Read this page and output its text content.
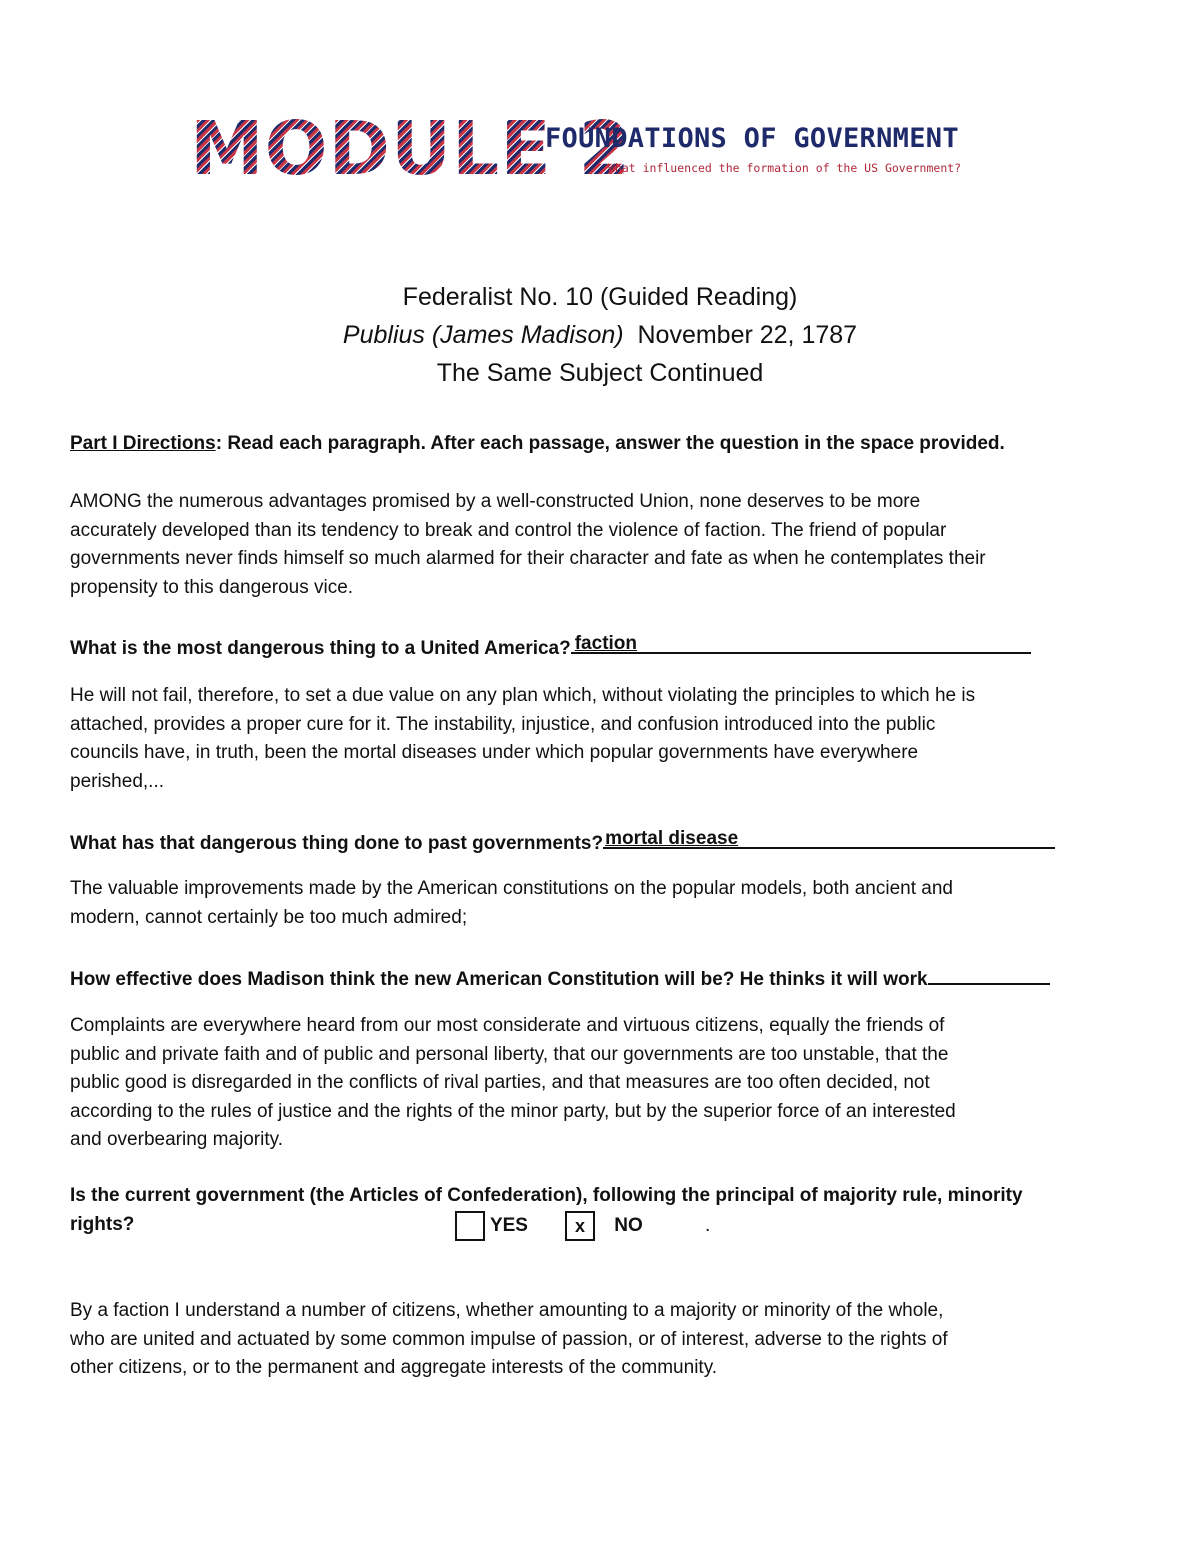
MODULE 2
FOUNDATIONS OF GOVERNMENT
What influenced the formation of the US Government?
Federalist No. 10 (Guided Reading)
Publius (James Madison) November 22, 1787
The Same Subject Continued
Part I Directions: Read each paragraph. After each passage, answer the question in the space provided.
AMONG the numerous advantages promised by a well-constructed Union, none deserves to be more
accurately developed than its tendency to break and control the violence of faction. The friend of popular
governments never finds himself so much alarmed for their character and fate as when he contemplates their
propensity to this dangerous vice.
What is the most dangerous thing to a United America? faction
He will not fail, therefore, to set a due value on any plan which, without violating the principles to which he is
attached, provides a proper cure for it. The instability, injustice, and confusion introduced into the public
councils have, in truth, been the mortal diseases under which popular governments have everywhere
perished,...
What has that dangerous thing done to past governments? mortal disease
The valuable improvements made by the American constitutions on the popular models, both ancient and
modern, cannot certainly be too much admired;
How effective does Madison think the new American Constitution will be? He thinks it will work
Complaints are everywhere heard from our most considerate and virtuous citizens, equally the friends of
public and private faith and of public and personal liberty, that our governments are too unstable, that the
public good is disregarded in the conflicts of rival parties, and that measures are too often decided, not
according to the rules of justice and the rights of the minor party, but by the superior force of an interested
and overbearing majority.
Is the current government (the Articles of Confederation), following the principal of majority rule, minority
rights?	YES	x NO	.
By a faction I understand a number of citizens, whether amounting to a majority or minority of the whole,
who are united and actuated by some common impulse of passion, or of interest, adverse to the rights of
other citizens, or to the permanent and aggregate interests of the community.
